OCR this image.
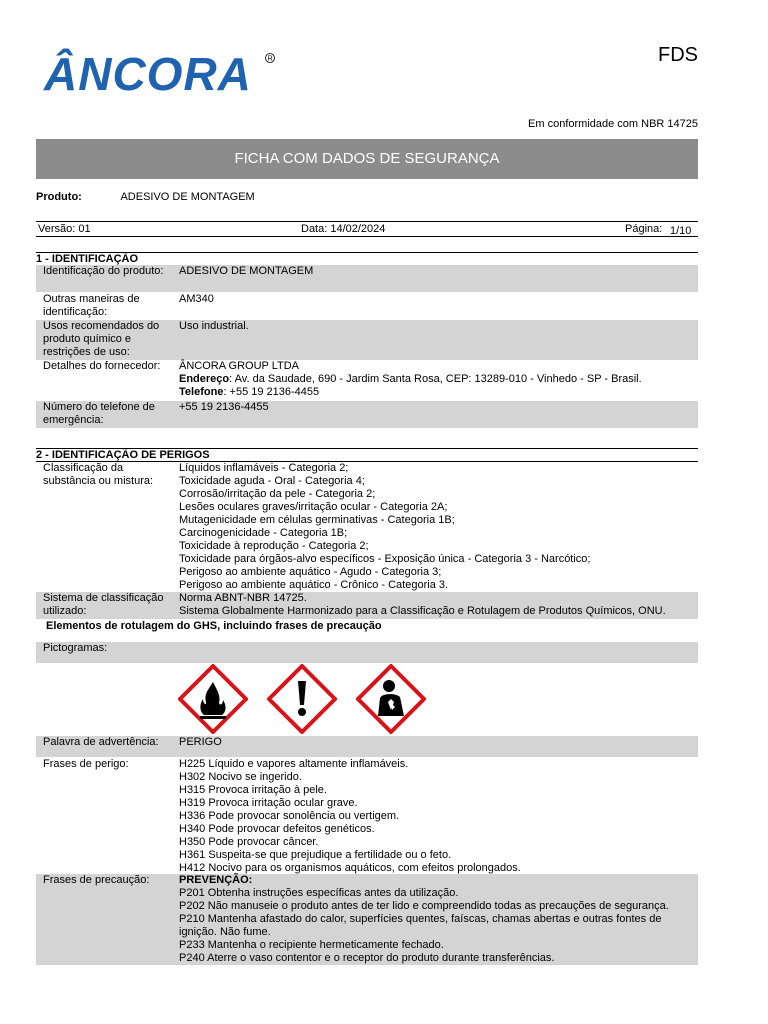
ÂNCORA R	FDS
Em conformidade com NBR 14725
FICHA COM DADOS DE SEGURANÇA
Produto:	ADESIVO DE MONTAGEM
Versão: 01	Data: 14/02/2024	Página: 1/10
1 - IDENTIFICAÇÃO
Identificação do produto:	ADESIVO DE MONTAGEM
Outras maneiras de identificação:
AM340
Usos recomendados do produto químico e restrições de uso:
Uso industrial.
Detalhes do fornecedor:	ÂNCORA GROUP LTDA
Endereço: Av. da Saudade, 690 - Jardim Santa Rosa, CEP: 13289-010 - Vinhedo - SP - Brasil.
Telefone: +55 19 2136-4455
Número do telefone de emergência:
+55 19 2136-4455
2 - IDENTIFICAÇÃO DE PERIGOS
Classificação da substância ou mistura:
Líquidos inflamáveis - Categoria 2;
Toxicidade aguda - Oral - Categoria 4;
Corrosão/irritação da pele - Categoria 2;
Lesões oculares graves/irritação ocular - Categoria 2A;
Mutagenicidade em células germinativas - Categoria 1B;
Carcinogenicidade - Categoria 1B;
Toxicidade à reprodução - Categoria 2;
Toxicidade para órgãos-alvo específicos - Exposição única - Categoria 3 - Narcótico;
Perigoso ao ambiente aquático - Agudo - Categoria 3;
Perigoso ao ambiente aquático - Crônico - Categoria 3.
Sistema de classificação utilizado:
Norma ABNT-NBR 14725.
Sistema Globalmente Harmonizado para a Classificação e Rotulagem de Produtos Químicos, ONU.
Elementos de rotulagem do GHS, incluindo frases de precaução
Pictogramas:
Palavra de advertência:	PERIGO
Frases de perigo:	H225 Líquido e vapores altamente inflamáveis.
H302 Nocivo se ingerido.
H315 Provoca irritação à pele.
H319 Provoca irritação ocular grave.
H336 Pode provocar sonolência ou vertigem.
H340 Pode provocar defeitos genéticos.
H350 Pode provocar câncer.
H361 Suspeita-se que prejudique a fertilidade ou o feto.
H412 Nocivo para os organismos aquáticos, com efeitos prolongados.
Frases de precaução:	PREVENÇÃO:
P201 Obtenha instruções específicas antes da utilização.
P202 Não manuseie o produto antes de ter lido e compreendido todas as precauções de segurança.
P210 Mantenha afastado do calor, superfícies quentes, faíscas, chamas abertas e outras fontes de
ignição. Não fume.
P233 Mantenha o recipiente hermeticamente fechado.
P240 Aterre o vaso contentor e o receptor do produto durante transferências.
